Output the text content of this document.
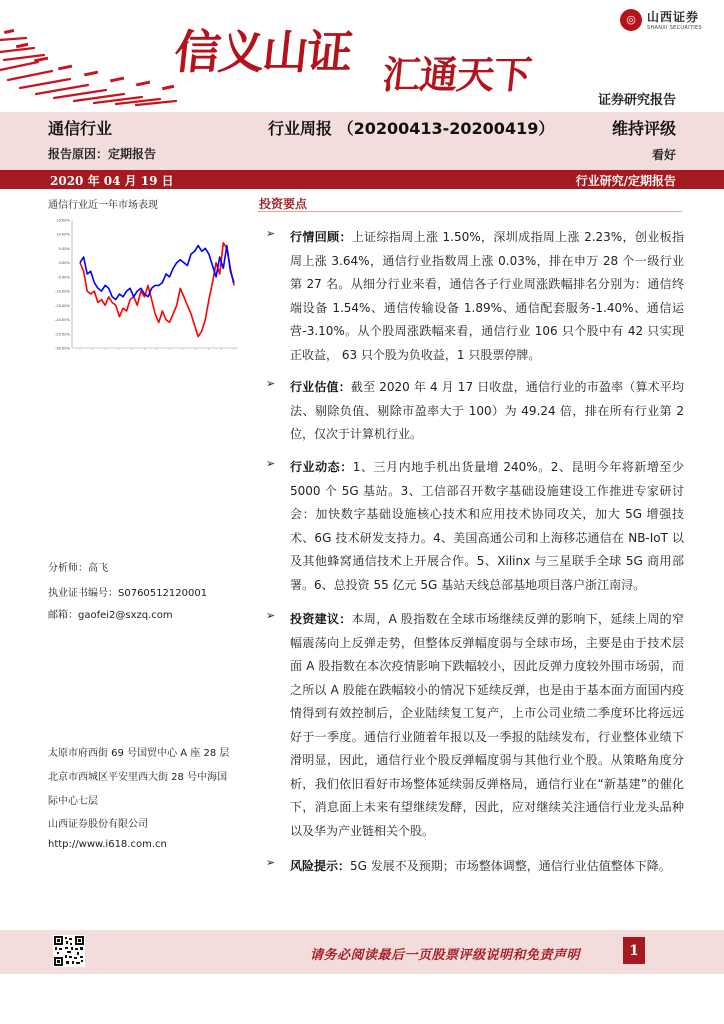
信义山证 汇通天下
◎ 山西证券
SHANXI SECURITIES
证券研究报告
通信行业	行业周报 （20200413-20200419）	维持评级
报告原因：定期报告	看好
2020 年 04 月 19 日	行业研究/定期报告
通信行业近一年市场表现
15.00%
10.00%
5.00%
0.00%
-5.00%
-10.00%
-15.00%
-20.00%
-25.00%
-30.00%
分析师：高飞
执业证书编号：S0760512120001
邮箱：gaofei2@sxzq.com
太原市府西街 69 号国贸中心 A 座 28 层
北京市西城区平安里西大街 28 号中海国
际中心七层
山西证券股份有限公司
http://www.i618.com.cn
投资要点
➢ 行情回顾：上证综指周上涨 1.50%，深圳成指周上涨 2.23%，创业板指周上涨 3.64%，通信行业指数周上涨 0.03%，排在申万 28 个一级行业第 27 名。从细分行业来看，通信各子行业周涨跌幅排名分别为：通信终端设备 1.54%、通信传输设备 1.89%、通信配套服务-1.40%、通信运营-3.10%。从个股周涨跌幅来看，通信行业 106 只个股中有 42 只实现正收益， 63 只个股为负收益，1 只股票停牌。

➢ 行业估值：截至 2020 年 4 月 17 日收盘，通信行业的市盈率（算术平均法、剔除负值、剔除市盈率大于 100）为 49.24 倍，排在所有行业第 2 位，仅次于计算机行业。

➢ 行业动态：1、三月内地手机出货量增 240%。2、昆明今年将新增至少 5000 个 5G 基站。3、工信部召开数字基础设施建设工作推进专家研讨会：加快数字基础设施核心技术和应用技术协同攻关，加大 5G 增强技术、6G 技术研发支持力。4、美国高通公司和上海移芯通信在 NB-IoT 以及其他蜂窝通信技术上开展合作。5、Xilinx 与三星联手全球 5G 商用部署。6、总投资 55 亿元 5G 基站天线总部基地项目落户浙江南浔。

➢ 投资建议：本周，A 股指数在全球市场继续反弹的影响下，延续上周的窄幅震荡向上反弹走势，但整体反弹幅度弱与全球市场，主要是由于技术层面 A 股指数在本次疫情影响下跌幅较小，因此反弹力度较外围市场弱，而之所以 A 股能在跌幅较小的情况下延续反弹，也是由于基本面方面国内疫情得到有效控制后，企业陆续复工复产，上市公司业绩二季度环比将远远好于一季度。通信行业随着年报以及一季报的陆续发布，行业整体业绩下滑明显，因此，通信行业个股反弹幅度弱与其他行业个股。从策略角度分析，我们依旧看好市场整体延续弱反弹格局，通信行业在“新基建”的催化下，消息面上未来有望继续发酵，因此，应对继续关注通信行业龙头品种以及华为产业链相关个股。

➢ 风险提示：5G 发展不及预期；市场整体调整，通信行业估值整体下降。

请务必阅读最后一页股票评级说明和免责声明	1
